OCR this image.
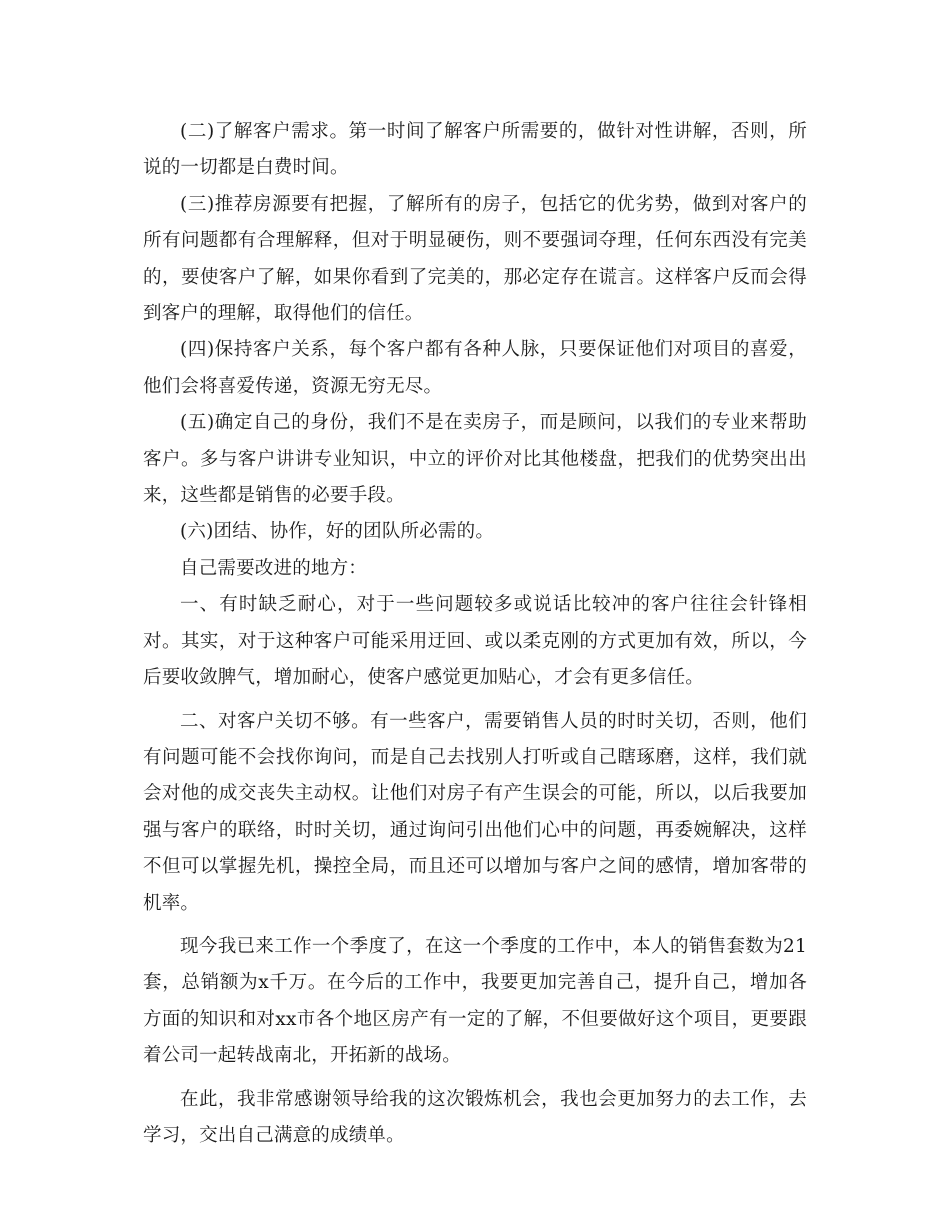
(二)了解客户需求。第一时间了解客户所需要的，做针对性讲解，否则，所说的一切都是白费时间。

(三)推荐房源要有把握，了解所有的房子，包括它的优劣势，做到对客户的所有问题都有合理解释，但对于明显硬伤，则不要强词夺理，任何东西没有完美的，要使客户了解，如果你看到了完美的，那必定存在谎言。这样客户反而会得到客户的理解，取得他们的信任。

(四)保持客户关系，每个客户都有各种人脉，只要保证他们对项目的喜爱，他们会将喜爱传递，资源无穷无尽。

(五)确定自己的身份，我们不是在卖房子，而是顾问，以我们的专业来帮助客户。多与客户讲讲专业知识，中立的评价对比其他楼盘，把我们的优势突出出来，这些都是销售的必要手段。

(六)团结、协作，好的团队所必需的。

自己需要改进的地方：

一、有时缺乏耐心，对于一些问题较多或说话比较冲的客户往往会针锋相对。其实，对于这种客户可能采用迂回、或以柔克刚的方式更加有效，所以，今后要收敛脾气，增加耐心，使客户感觉更加贴心，才会有更多信任。

二、对客户关切不够。有一些客户，需要销售人员的时时关切，否则，他们有问题可能不会找你询问，而是自己去找别人打听或自己瞎琢磨，这样，我们就会对他的成交丧失主动权。让他们对房子有产生误会的可能，所以，以后我要加强与客户的联络，时时关切，通过询问引出他们心中的问题，再委婉解决，这样不但可以掌握先机，操控全局，而且还可以增加与客户之间的感情，增加客带的机率。

现今我已来工作一个季度了，在这一个季度的工作中，本人的销售套数为21套，总销额为x千万。在今后的工作中，我要更加完善自己，提升自己，增加各方面的知识和对xx市各个地区房产有一定的了解，不但要做好这个项目，更要跟着公司一起转战南北，开拓新的战场。

在此，我非常感谢领导给我的这次锻炼机会，我也会更加努力的去工作，去学习，交出自己满意的成绩单。
